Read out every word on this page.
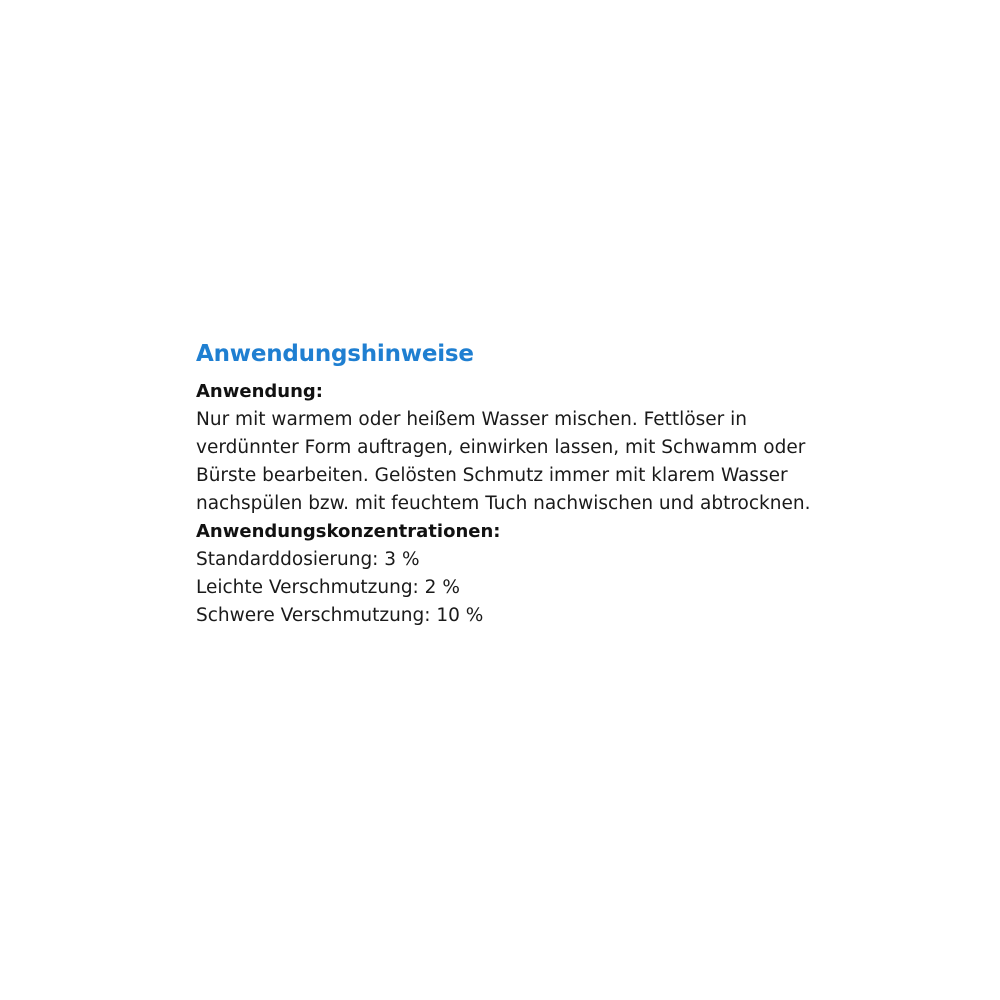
Anwendungshinweise
Anwendung:

Nur mit warmem oder heißem Wasser mischen. Fettlöser in verdünnter Form auftragen, einwirken lassen, mit Schwamm oder Bürste bearbeiten. Gelösten Schmutz immer mit klarem Wasser nachspülen bzw. mit feuchtem Tuch nachwischen und abtrocknen.

Anwendungskonzentrationen:
Standarddosierung: 3 %
Leichte Verschmutzung: 2 %
Schwere Verschmutzung: 10 %
